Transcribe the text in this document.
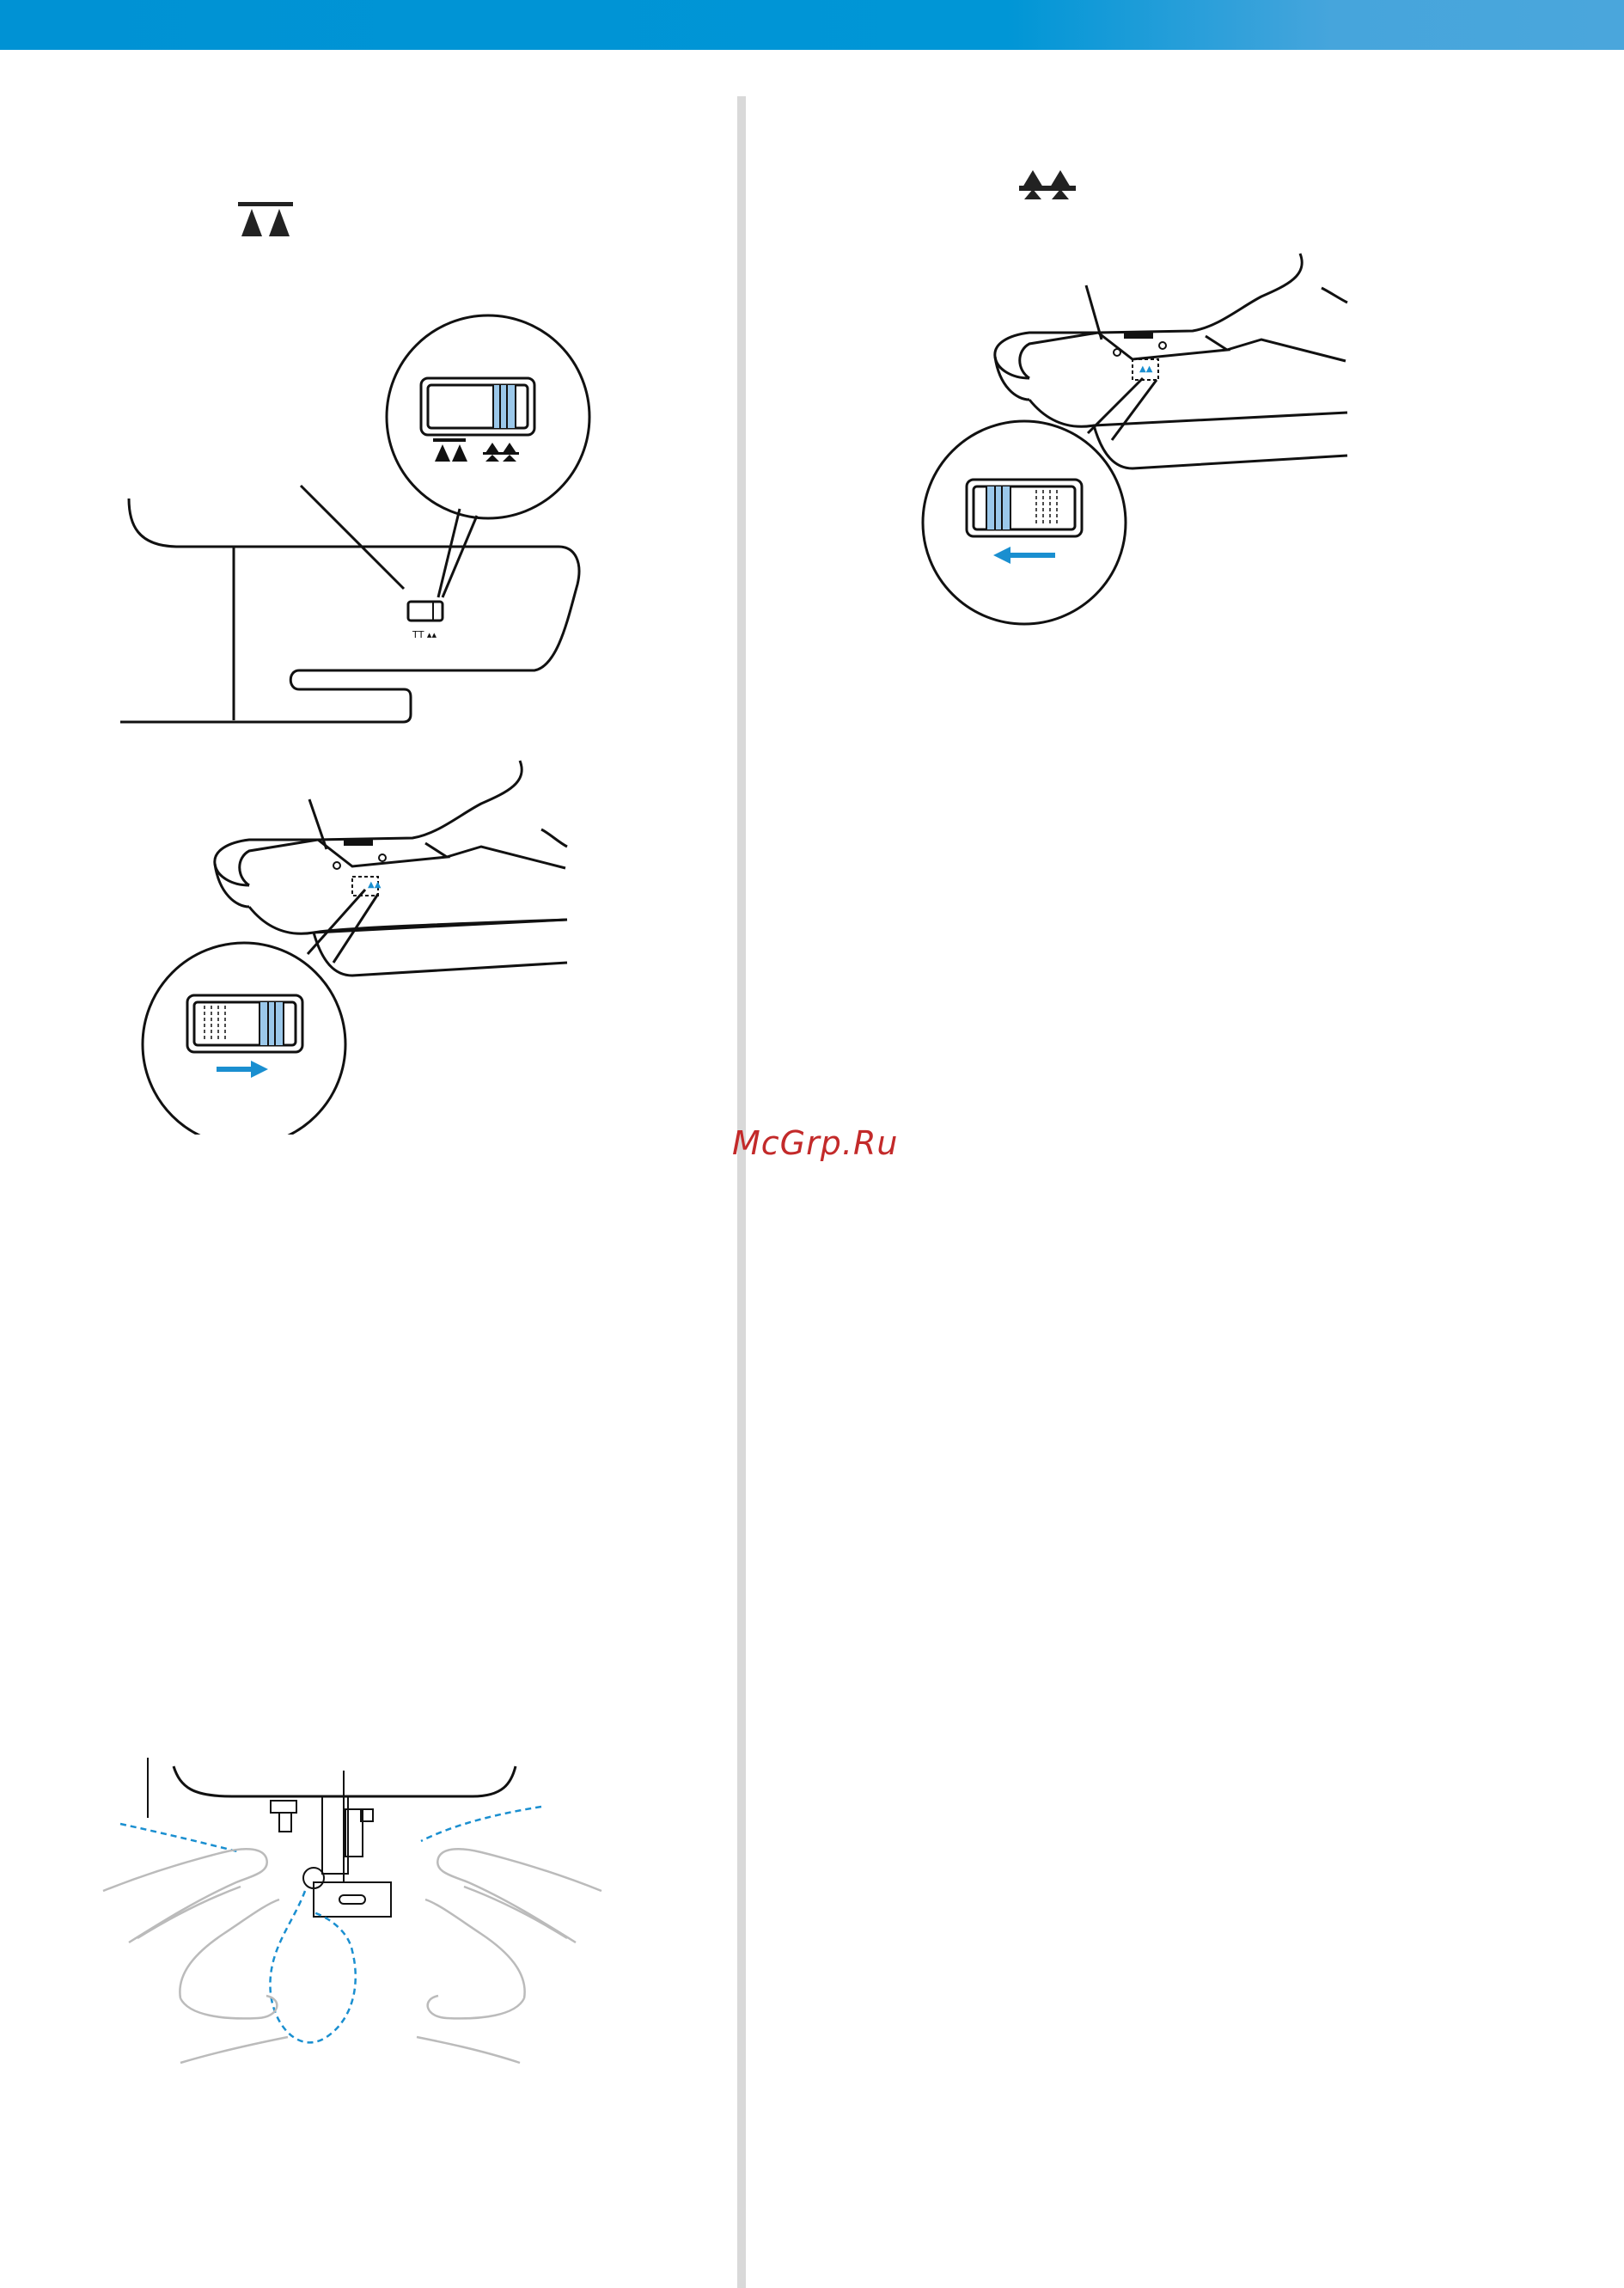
ꓔꓔ ▴▴
▲▲
▲▲
McGrp.Ru
